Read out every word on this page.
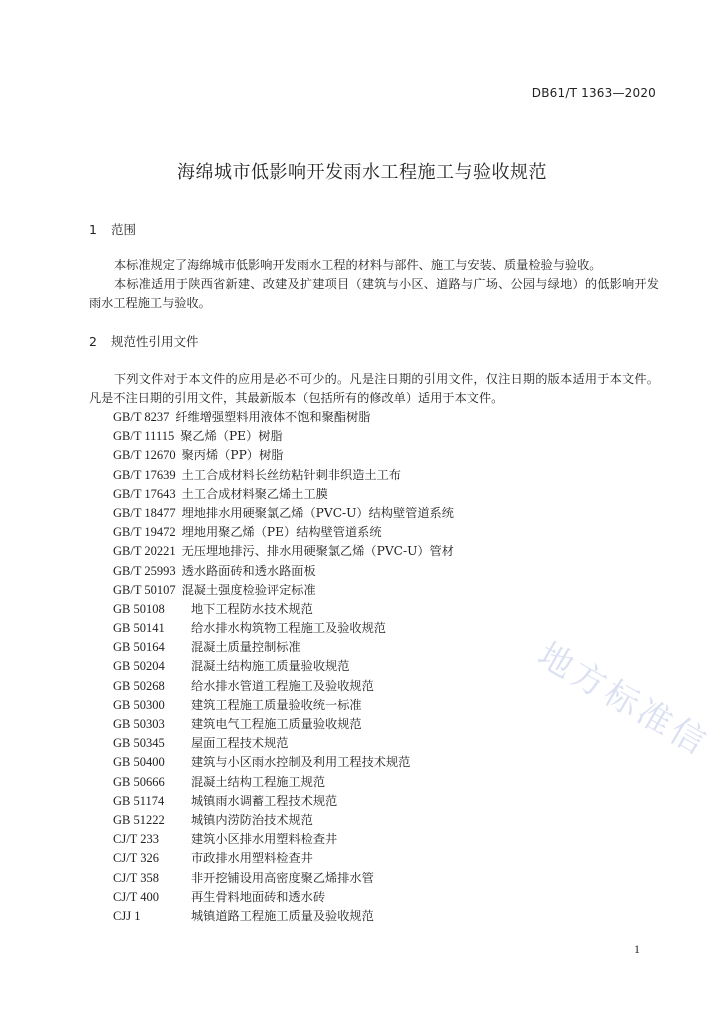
DB61/T 1363—2020
海绵城市低影响开发雨水工程施工与验收规范
1 范围
本标准规定了海绵城市低影响开发雨水工程的材料与部件、施工与安装、质量检验与验收。
本标准适用于陕西省新建、改建及扩建项目（建筑与小区、道路与广场、公园与绿地）的低影响开发雨水工程施工与验收。
2 规范性引用文件
下列文件对于本文件的应用是必不可少的。凡是注日期的引用文件，仅注日期的版本适用于本文件。凡是不注日期的引用文件，其最新版本（包括所有的修改单）适用于本文件。
GB/T 8237 纤维增强塑料用液体不饱和聚酯树脂
GB/T 11115 聚乙烯（PE）树脂
GB/T 12670 聚丙烯（PP）树脂
GB/T 17639 土工合成材料长丝纺粘针刺非织造土工布
GB/T 17643 土工合成材料聚乙烯土工膜
GB/T 18477 埋地排水用硬聚氯乙烯（PVC-U）结构壁管道系统
GB/T 19472 埋地用聚乙烯（PE）结构壁管道系统
GB/T 20221 无压埋地排污、排水用硬聚氯乙烯（PVC-U）管材
GB/T 25993 透水路面砖和透水路面板
GB/T 50107 混凝土强度检验评定标准
GB 50108 地下工程防水技术规范
GB 50141 给水排水构筑物工程施工及验收规范
GB 50164 混凝土质量控制标准
GB 50204 混凝土结构施工质量验收规范
GB 50268 给水排水管道工程施工及验收规范
GB 50300 建筑工程施工质量验收统一标准
GB 50303 建筑电气工程施工质量验收规范
GB 50345 屋面工程技术规范
GB 50400 建筑与小区雨水控制及利用工程技术规范
GB 50666 混凝土结构工程施工规范
GB 51174 城镇雨水调蓄工程技术规范
GB 51222 城镇内涝防治技术规范
CJ/T 233	建筑小区排水用塑料检查井
CJ/T 326	市政排水用塑料检查井
CJ/T 358	非开挖铺设用高密度聚乙烯排水管
CJ/T 400	再生骨料地面砖和透水砖
CJJ 1	城镇道路工程施工质量及验收规范
地方标准信
1
